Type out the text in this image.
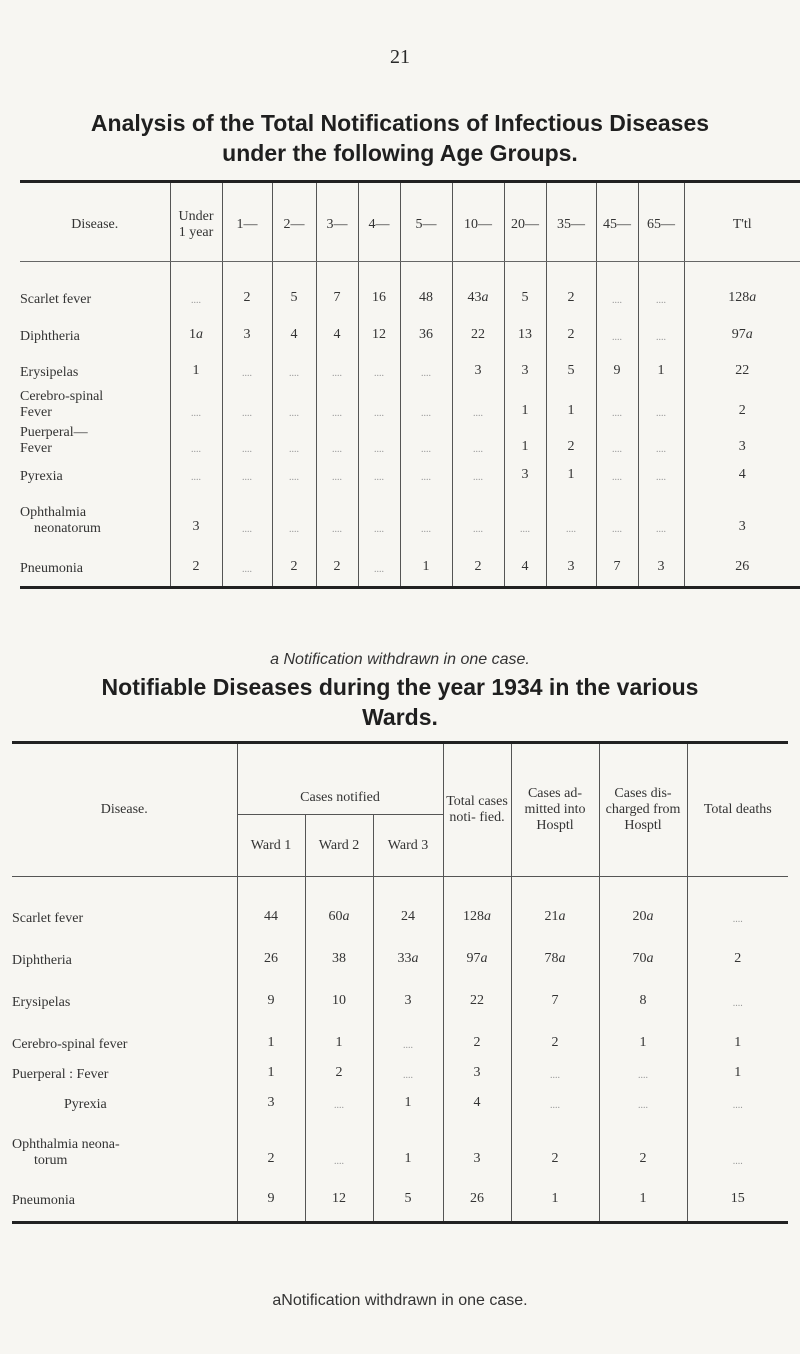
21
Analysis of the Total Notifications of Infectious Diseases
under the following Age Groups.
Disease.	Under
1 year	1—	2—	3—	4—	5—	10—	20—	35—	45—	65—	T'tl

Scarlet fever	....	2	5	7	16	48	43a	5	2	....	....	128a

Diphtheria	1a	3	4	4	12	36	22	13	2	....	....	97a

Erysipelas	1	....	....	....	....	....	3	3	5	9	1	22

Cerebro-spinal
Fever	....	....	....	....	....	....	....	1	1	....	....	2

Puerperal—
Fever	....	....	....	....	....	....	....	1	2	....	....	3

Pyrexia	....	....	....	....	....	....	....	3	1	....	....	4

Ophthalmia
neonatorum	3	....	....	....	....	....	....	....	....	....	....	3

Pneumonia	2	....	2	2	....	1	2	4	3	7	3	26

a Notification withdrawn in one case.
Notifiable Diseases during the year 1934 in the various
Wards.
Disease.	Cases notified			Total cases noti- fied.	Cases ad- mitted into Hosptl	Cases dis- charged from Hosptl	Total deaths
	Ward 1	Ward 2	Ward 3				

Scarlet fever	44	60a	24	128a	21a	20a	....

Diphtheria	26	38	33a	97a	78a	70a	2

Erysipelas	9	10	3	22	7	8	....

Cerebro-spinal fever	1	1	....	2	2	1	1

Puerperal : Fever	1	2	....	3	....	....	1

Pyrexia	3	....	1	4	....	....	....

Ophthalmia neona-
torum	2	....	1	3	2	2	....

Pneumonia	9	12	5	26	1	1	15

aNotification withdrawn in one case.
